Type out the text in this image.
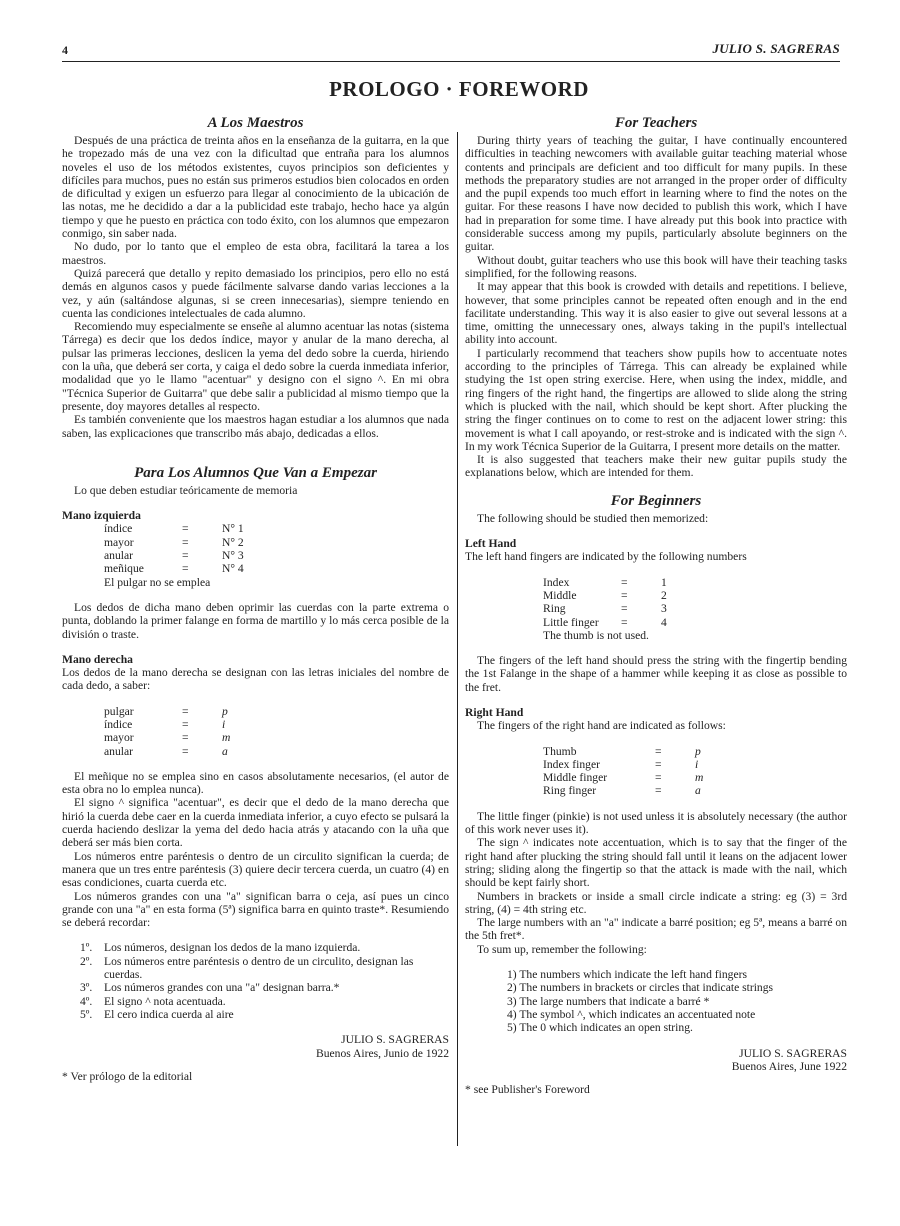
4	JULIO S. SAGRERAS
PROLOGO · FOREWORD
A Los Maestros

Después de una práctica de treinta años en la enseñanza de la guitarra, en la que he tropezado más de una vez con la dificultad que entraña para los alumnos noveles el uso de los métodos existentes, cuyos principios son deficientes y difíciles para muchos, pues no están sus primeros estudios bien colocados en orden de dificultad y exigen un esfuerzo para llegar al conocimiento de la ubicación de las notas, me he decidido a dar a la publicidad este trabajo, hecho hace ya algún tiempo y que he puesto en práctica con todo éxito, con los alumnos que empezaron conmigo, sin saber nada.

No dudo, por lo tanto que el empleo de esta obra, facilitará la tarea a los maestros.

Quizá parecerá que detallo y repito demasiado los principios, pero ello no está demás en algunos casos y puede fácilmente salvarse dando varias lecciones a la vez, y aún (saltándose algunas, si se creen innecesarias), siempre teniendo en cuenta las condiciones intelectuales de cada alumno.

Recomiendo muy especialmente se enseñe al alumno acentuar las notas (sistema Tárrega) es decir que los dedos índice, mayor y anular de la mano derecha, al pulsar las primeras lecciones, deslicen la yema del dedo sobre la cuerda, hiriendo con la uña, que deberá ser corta, y caiga el dedo sobre la cuerda inmediata inferior, modalidad que yo le llamo "acentuar" y designo con el signo ^. En mi obra "Técnica Superior de Guitarra" que debe salir a publicidad al mismo tiempo que la presente, doy mayores detalles al respecto.

Es también conveniente que los maestros hagan estudiar a los alumnos que nada saben, las explicaciones que transcribo más abajo, dedicadas a ellos.

Para Los Alumnos Que Van a Empezar

Lo que deben estudiar teóricamente de memoria

Mano izquierda
índice	=	N° 1
mayor	=	N° 2
anular	=	N° 3
meñique	=	N° 4
El pulgar no se emplea		

Los dedos de dicha mano deben oprimir las cuerdas con la parte extrema o punta, doblando la primer falange en forma de martillo y lo más cerca posible de la división o traste.

Mano derecha

Los dedos de la mano derecha se designan con las letras iniciales del nombre de cada dedo, a saber:

pulgar	=	p
índice	=	i
mayor	=	m
anular	=	a

El meñique no se emplea sino en casos absolutamente necesarios, (el autor de esta obra no lo emplea nunca).

El signo ^ significa "acentuar", es decir que el dedo de la mano derecha que hirió la cuerda debe caer en la cuerda inmediata inferior, a cuyo efecto se pulsará la cuerda haciendo deslizar la yema del dedo hacia atrás y atacando con la uña que deberá ser más bien corta.

Los números entre paréntesis o dentro de un circulito significan la cuerda; de manera que un tres entre paréntesis (3) quiere decir tercera cuerda, un cuatro (4) en esas condiciones, cuarta cuerda etc.

Los números grandes con una "a" significan barra o ceja, así pues un cinco grande con una "a" en esta forma (5ª) significa barra en quinto traste*. Resumiendo se deberá recordar:

1º.	Los números, designan los dedos de la mano izquierda.
2º.	Los números entre paréntesis o dentro de un circulito, designan las cuerdas.
3º.	Los números grandes con una "a" designan barra.*
4º.	El signo ^ nota acentuada.
5º.	El cero indica cuerda al aire
JULIO S. SAGRERAS
Buenos Aires, Junio de 1922
* Ver prólogo de la editorial
For Teachers

During thirty years of teaching the guitar, I have continually encountered difficulties in teaching newcomers with available guitar teaching material whose contents and principals are deficient and too difficult for many pupils. In these methods the preparatory studies are not arranged in the proper order of difficulty and the pupil expends too much effort in learning where to find the notes on the guitar. For these reasons I have now decided to publish this work, which I have had in preparation for some time. I have already put this book into practice with considerable success among my pupils, particularly absolute beginners on the guitar.

Without doubt, guitar teachers who use this book will have their teaching tasks simplified, for the following reasons.

It may appear that this book is crowded with details and repetitions. I believe, however, that some principles cannot be repeated often enough and in the end facilitate understanding. This way it is also easier to give out several lessons at a time, omitting the unnecessary ones, always taking in the pupil's intellectual ability into account.

I particularly recommend that teachers show pupils how to accentuate notes according to the principles of Tárrega. This can already be explained while studying the 1st open string exercise. Here, when using the index, middle, and ring fingers of the right hand, the fingertips are allowed to slide along the string which is plucked with the nail, which should be kept short. After plucking the string the finger continues on to come to rest on the adjacent lower string: this movement is what I call apoyando, or rest-stroke and is indicated with the sign ^. In my work Técnica Superior de la Guitarra, I present more details on the matter.

It is also suggested that teachers make their new guitar pupils study the explanations below, which are intended for them.

For Beginners

The following should be studied then memorized:

Left Hand

The left hand fingers are indicated by the following numbers

Index	=	1
Middle	=	2
Ring	=	3
Little finger	=	4
The thumb is not used.		

The fingers of the left hand should press the string with the fingertip bending the 1st Falange in the shape of a hammer while keeping it as close as possible to the fret.

Right Hand

The fingers of the right hand are indicated as follows:

Thumb	=	p
Index finger	=	i
Middle finger	=	m
Ring finger	=	a

The little finger (pinkie) is not used unless it is absolutely necessary (the author of this work never uses it).

The sign ^ indicates note accentuation, which is to say that the finger of the right hand after plucking the string should fall until it leans on the adjacent lower string; sliding along the fingertip so that the attack is made with the nail, which should be kept fairly short.

Numbers in brackets or inside a small circle indicate a string: eg (3) = 3rd string, (4) = 4th string etc.

The large numbers with an "a" indicate a barré position; eg 5ª, means a barré on the 5th fret*.

To sum up, remember the following:

1) The numbers which indicate the left hand fingers
2) The numbers in brackets or circles that indicate strings
3) The large numbers that indicate a barré *
4) The symbol ^, which indicates an accentuated note
5) The 0 which indicates an open string.
JULIO S. SAGRERAS
Buenos Aires, June 1922
* see Publisher's Foreword
